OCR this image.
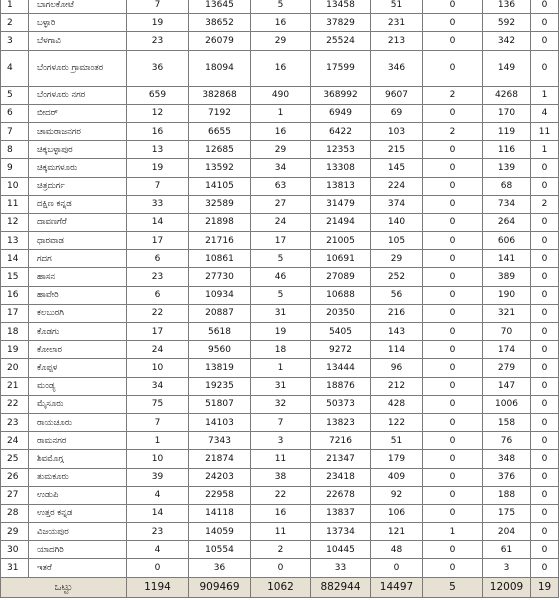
1	ಬಾಗಲಕೋಟೆ	7	13645	5	13458	51	0	136	0
2	ಬಳ್ಳಾರಿ	19	38652	16	37829	231	0	592	0
3	ಬೆಳಗಾವಿ	23	26079	29	25524	213	0	342	0
4	ಬೆಂಗಳೂರು ಗ್ರಾಮಾಂತರ	36	18094	16	17599	346	0	149	0
5	ಬೆಂಗಳೂರು ನಗರ	659	382868	490	368992	9607	2	4268	1
6	ಬೀದರ್	12	7192	1	6949	69	0	170	4
7	ಚಾಮರಾಜನಗರ	16	6655	16	6422	103	2	119	11
8	ಚಿಕ್ಕಬಳ್ಳಾಪುರ	13	12685	29	12353	215	0	116	1
9	ಚಿಕ್ಕಮಗಳೂರು	19	13592	34	13308	145	0	139	0
10	ಚಿತ್ರದುರ್ಗ	7	14105	63	13813	224	0	68	0
11	ದಕ್ಷಿಣ ಕನ್ನಡ	33	32589	27	31479	374	0	734	2
12	ದಾವಣಗೆರೆ	14	21898	24	21494	140	0	264	0
13	ಧಾರವಾಡ	17	21716	17	21005	105	0	606	0
14	ಗದಗ	6	10861	5	10691	29	0	141	0
15	ಹಾಸನ	23	27730	46	27089	252	0	389	0
16	ಹಾವೇರಿ	6	10934	5	10688	56	0	190	0
17	ಕಲಬುರಗಿ	22	20887	31	20350	216	0	321	0
18	ಕೊಡಗು	17	5618	19	5405	143	0	70	0
19	ಕೋಲಾರ	24	9560	18	9272	114	0	174	0
20	ಕೊಪ್ಪಳ	10	13819	1	13444	96	0	279	0
21	ಮಂಡ್ಯ	34	19235	31	18876	212	0	147	0
22	ಮೈಸೂರು	75	51807	32	50373	428	0	1006	0
23	ರಾಯಚೂರು	7	14103	7	13823	122	0	158	0
24	ರಾಮನಗರ	1	7343	3	7216	51	0	76	0
25	ಶಿವಮೊಗ್ಗ	10	21874	11	21347	179	0	348	0
26	ತುಮಕೂರು	39	24203	38	23418	409	0	376	0
27	ಉಡುಪಿ	4	22958	22	22678	92	0	188	0
28	ಉತ್ತರ ಕನ್ನಡ	14	14118	16	13837	106	0	175	0
29	ವಿಜಯಪುರ	23	14059	11	13734	121	1	204	0
30	ಯಾದಗಿರಿ	4	10554	2	10445	48	0	61	0
31	ಇತರೆ	0	36	0	33	0	0	3	0
ಒಟ್ಟು		1194	909469	1062	882944	14497	5	12009	19
